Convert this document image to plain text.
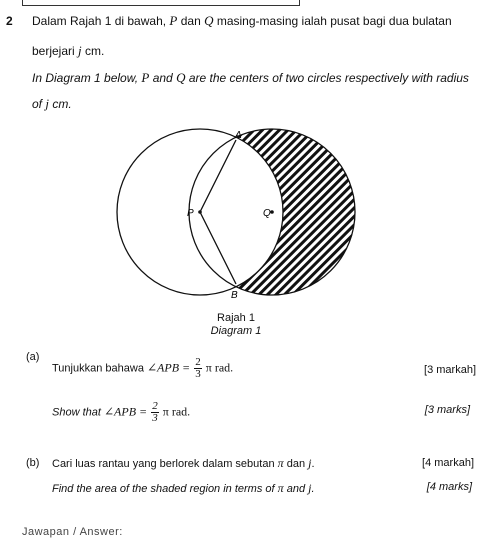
2 Dalam Rajah 1 di bawah, P dan Q masing-masing ialah pusat bagi dua bulatan
berjejari j cm.
In Diagram 1 below, P and Q are the centers of two circles respectively with radius
of j cm.
A
P	Q
B
Rajah 1
Diagram 1
(a)
Tunjukkan bahawa ∠APB = $\frac{2}{3}$ π rad.	[3 markah]
Show that ∠APB = $\frac{2}{3}$ π rad.	[3 marks]
(b) Cari luas rantau yang berlorek dalam sebutan π dan j.	[4 markah]
Find the area of the shaded region in terms of π and j.	[4 marks]
Jawapan / Answer:
